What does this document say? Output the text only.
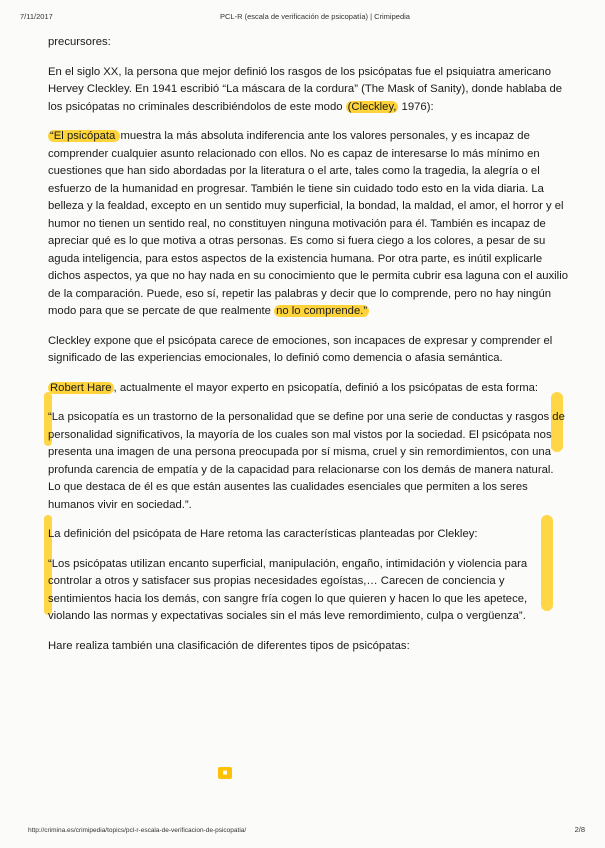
7/11/2017	PCL-R (escala de verificación de psicopatía) | Crimipedia

precursores:

En el siglo XX, la persona que mejor definió los rasgos de los psicópatas fue el psiquiatra americano Hervey Cleckley. En 1941 escribió “La máscara de la cordura” (The Mask of Sanity), donde hablaba de los psicópatas no criminales describiéndolos de este modo (Cleckley, 1976):

“El psicópata muestra la más absoluta indiferencia ante los valores personales, y es incapaz de comprender cualquier asunto relacionado con ellos. No es capaz de interesarse lo más mínimo en cuestiones que han sido abordadas por la literatura o el arte, tales como la tragedia, la alegría o el esfuerzo de la humanidad en progresar. También le tiene sin cuidado todo esto en la vida diaria. La belleza y la fealdad, excepto en un sentido muy superficial, la bondad, la maldad, el amor, el horror y el humor no tienen un sentido real, no constituyen ninguna motivación para él. También es incapaz de apreciar qué es lo que motiva a otras personas. Es como si fuera ciego a los colores, a pesar de su aguda inteligencia, para estos aspectos de la existencia humana. Por otra parte, es inútil explicarle dichos aspectos, ya que no hay nada en su conocimiento que le permita cubrir esa laguna con el auxilio de la comparación. Puede, eso sí, repetir las palabras y decir que lo comprende, pero no hay ningún modo para que se percate de que realmente no lo comprende.”

Cleckley expone que el psicópata carece de emociones, son incapaces de expresar y comprender el significado de las experiencias emocionales, lo definió como demencia o afasia semántica.

Robert Hare , actualmente el mayor experto en psicopatía, definió a los psicópatas de esta forma:

“La psicopatía es un trastorno de la personalidad que se define por una serie de conductas y rasgos de personalidad significativos, la mayoría de los cuales son mal vistos por la sociedad. El psicópata nos presenta una imagen de una persona preocupada por sí misma, cruel y sin remordimientos, con una profunda carencia de empatía y de la capacidad para relacionarse con los demás de manera natural. Lo que destaca de él es que están ausentes las cualidades esenciales que permiten a los seres humanos vivir en sociedad.”.

La definición del psicópata de Hare retoma las características planteadas por Clekley:

“Los psicópatas utilizan encanto superficial, manipulación, engaño, intimidación y violencia para controlar a otros y satisfacer sus propias necesidades egoístas,… Carecen de conciencia y sentimientos hacia los demás, con sangre fría cogen lo que quieren y hacen lo que les apetece, violando las normas y expectativas sociales sin el más leve remordimiento, culpa o vergüenza”.

Hare realiza también una clasificación de diferentes tipos de psicópatas:

■
http://crimina.es/crimipedia/topics/pcl-r-escala-de-verificacion-de-psicopatia/	2/8
